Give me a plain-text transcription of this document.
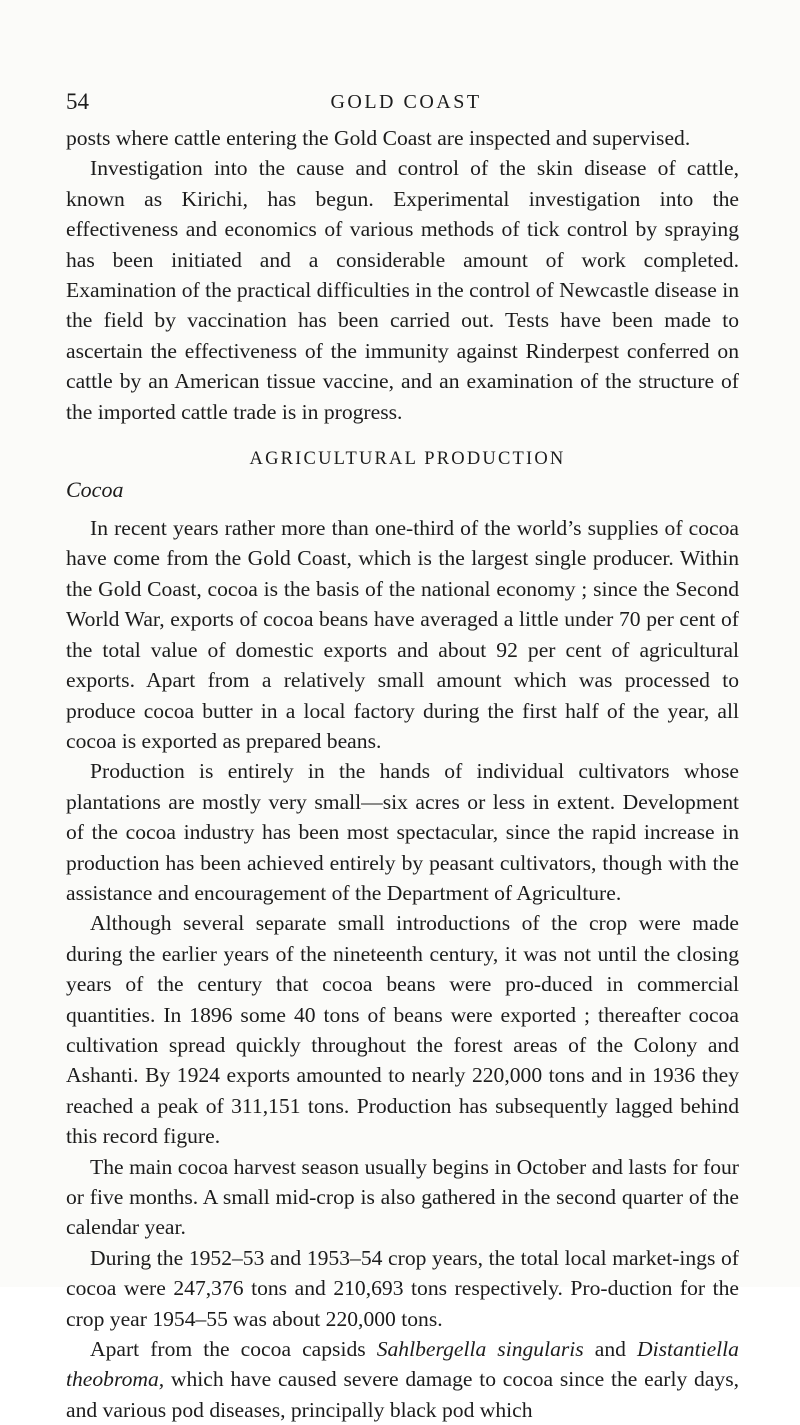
54	GOLD COAST

posts where cattle entering the Gold Coast are inspected and supervised.

Investigation into the cause and control of the skin disease of cattle, known as Kirichi, has begun. Experimental investigation into the effectiveness and economics of various methods of tick control by spraying has been initiated and a considerable amount of work completed. Examination of the practical difficulties in the control of Newcastle disease in the field by vaccination has been carried out. Tests have been made to ascertain the effectiveness of the immunity against Rinderpest conferred on cattle by an American tissue vaccine, and an examination of the structure of the imported cattle trade is in progress.

AGRICULTURAL PRODUCTION
Cocoa

In recent years rather more than one-third of the world’s supplies of cocoa have come from the Gold Coast, which is the largest single producer. Within the Gold Coast, cocoa is the basis of the national economy ; since the Second World War, exports of cocoa beans have averaged a little under 70 per cent of the total value of domestic exports and about 92 per cent of agricultural exports. Apart from a relatively small amount which was processed to produce cocoa butter in a local factory during the first half of the year, all cocoa is exported as prepared beans.

Production is entirely in the hands of individual cultivators whose plantations are mostly very small—six acres or less in extent. Development of the cocoa industry has been most spectacular, since the rapid increase in production has been achieved entirely by peasant cultivators, though with the assistance and encouragement of the Department of Agriculture.

Although several separate small introductions of the crop were made during the earlier years of the nineteenth century, it was not until the closing years of the century that cocoa beans were pro-duced in commercial quantities. In 1896 some 40 tons of beans were exported ; thereafter cocoa cultivation spread quickly throughout the forest areas of the Colony and Ashanti. By 1924 exports amounted to nearly 220,000 tons and in 1936 they reached a peak of 311,151 tons. Production has subsequently lagged behind this record figure.

The main cocoa harvest season usually begins in October and lasts for four or five months. A small mid-crop is also gathered in the second quarter of the calendar year.

During the 1952–53 and 1953–54 crop years, the total local market-ings of cocoa were 247,376 tons and 210,693 tons respectively. Pro-duction for the crop year 1954–55 was about 220,000 tons.

Apart from the cocoa capsids Sahlbergella singularis and Distantiella theobroma, which have caused severe damage to cocoa since the early days, and various pod diseases, principally black pod which
